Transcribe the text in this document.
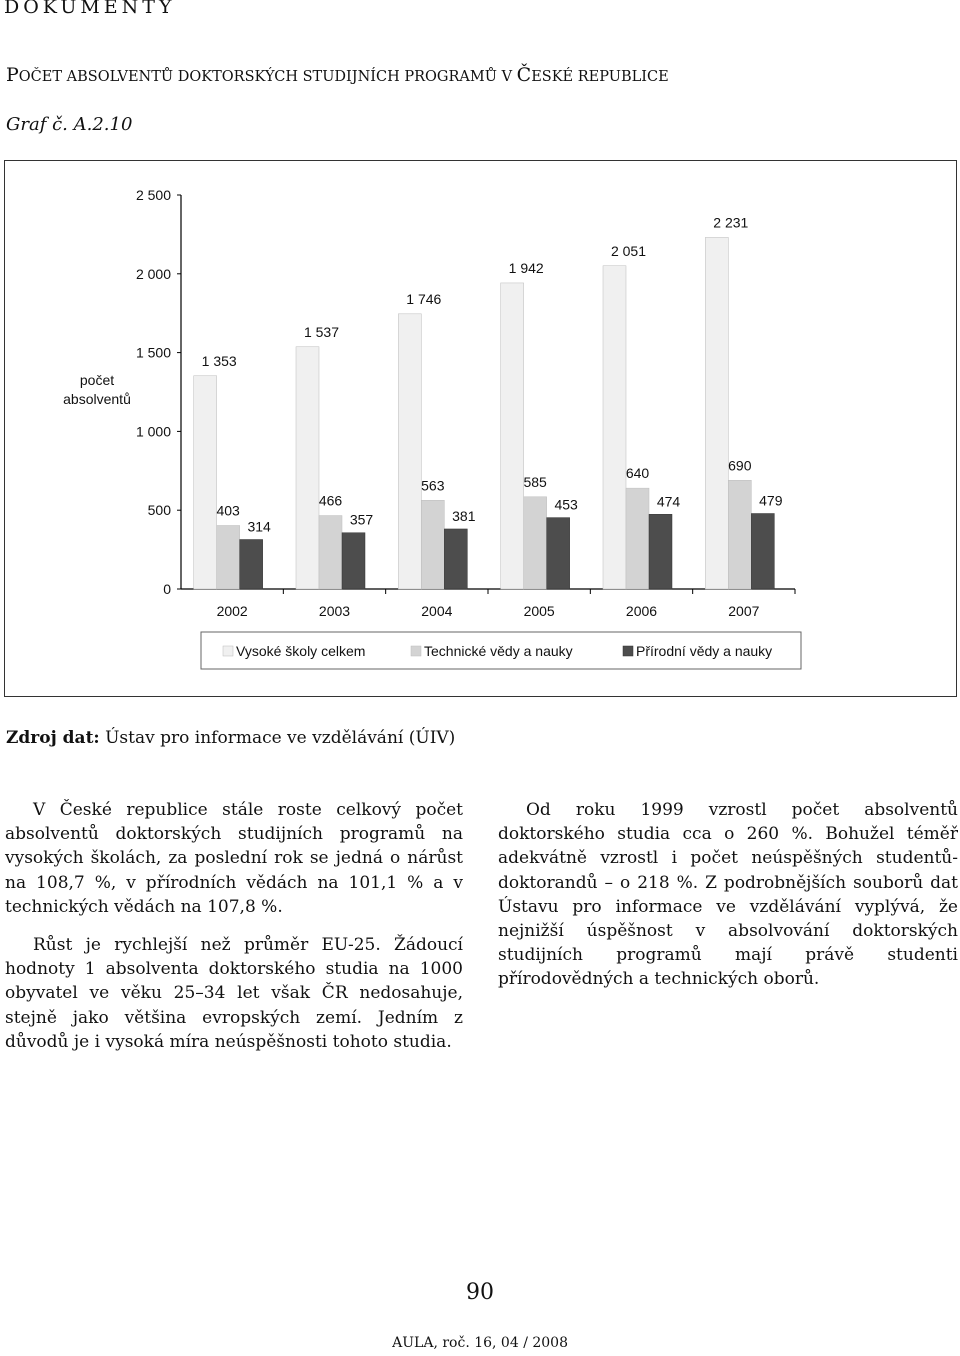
DOKUMENTY
POČET ABSOLVENTŮ DOKTORSKÝCH STUDIJNÍCH PROGRAMŮ V ČESKÉ REPUBLICE
Graf č. A.2.10
0
500
1 000
1 500
2 000
2 500
počet absolventů
2002	2003	2004	2005	2006	2007
1 353
403
314
1 537
466
357
1 746
563
381
1 942
585
453
2 051
640
474
2 231
690
479
Vysoké školy celkem	Technické vědy a nauky	Přírodní vědy a nauky
Zdroj dat: Ústav pro informace ve vzdělávání (ÚIV)

V České republice stále roste celkový počet absolventů doktorských studijních programů na vysokých školách, za poslední rok se jedná o nárůst na 108,7 %, v přírodních vědách na 101,1 % a v technických vědách na 107,8 %.

Růst je rychlejší než průměr EU-25. Žádoucí hodnoty 1 absolventa doktorského studia na 1000 obyvatel ve věku 25–34 let však ČR nedosahuje, stejně jako většina evropských zemí. Jedním z důvodů je i vysoká míra neúspěšnosti tohoto studia.

Od roku 1999 vzrostl počet absolventů doktorského studia cca o 260 %. Bohužel téměř adekvátně vzrostl i počet neúspěšných studentů-doktorandů – o 218 %. Z podrobnějších souborů dat Ústavu pro informace ve vzdělávání vyplývá, že nejnižší úspěšnost v absolvování doktorských studijních programů mají právě studenti přírodovědných a technických oborů.

90
AULA, roč. 16, 04 / 2008
